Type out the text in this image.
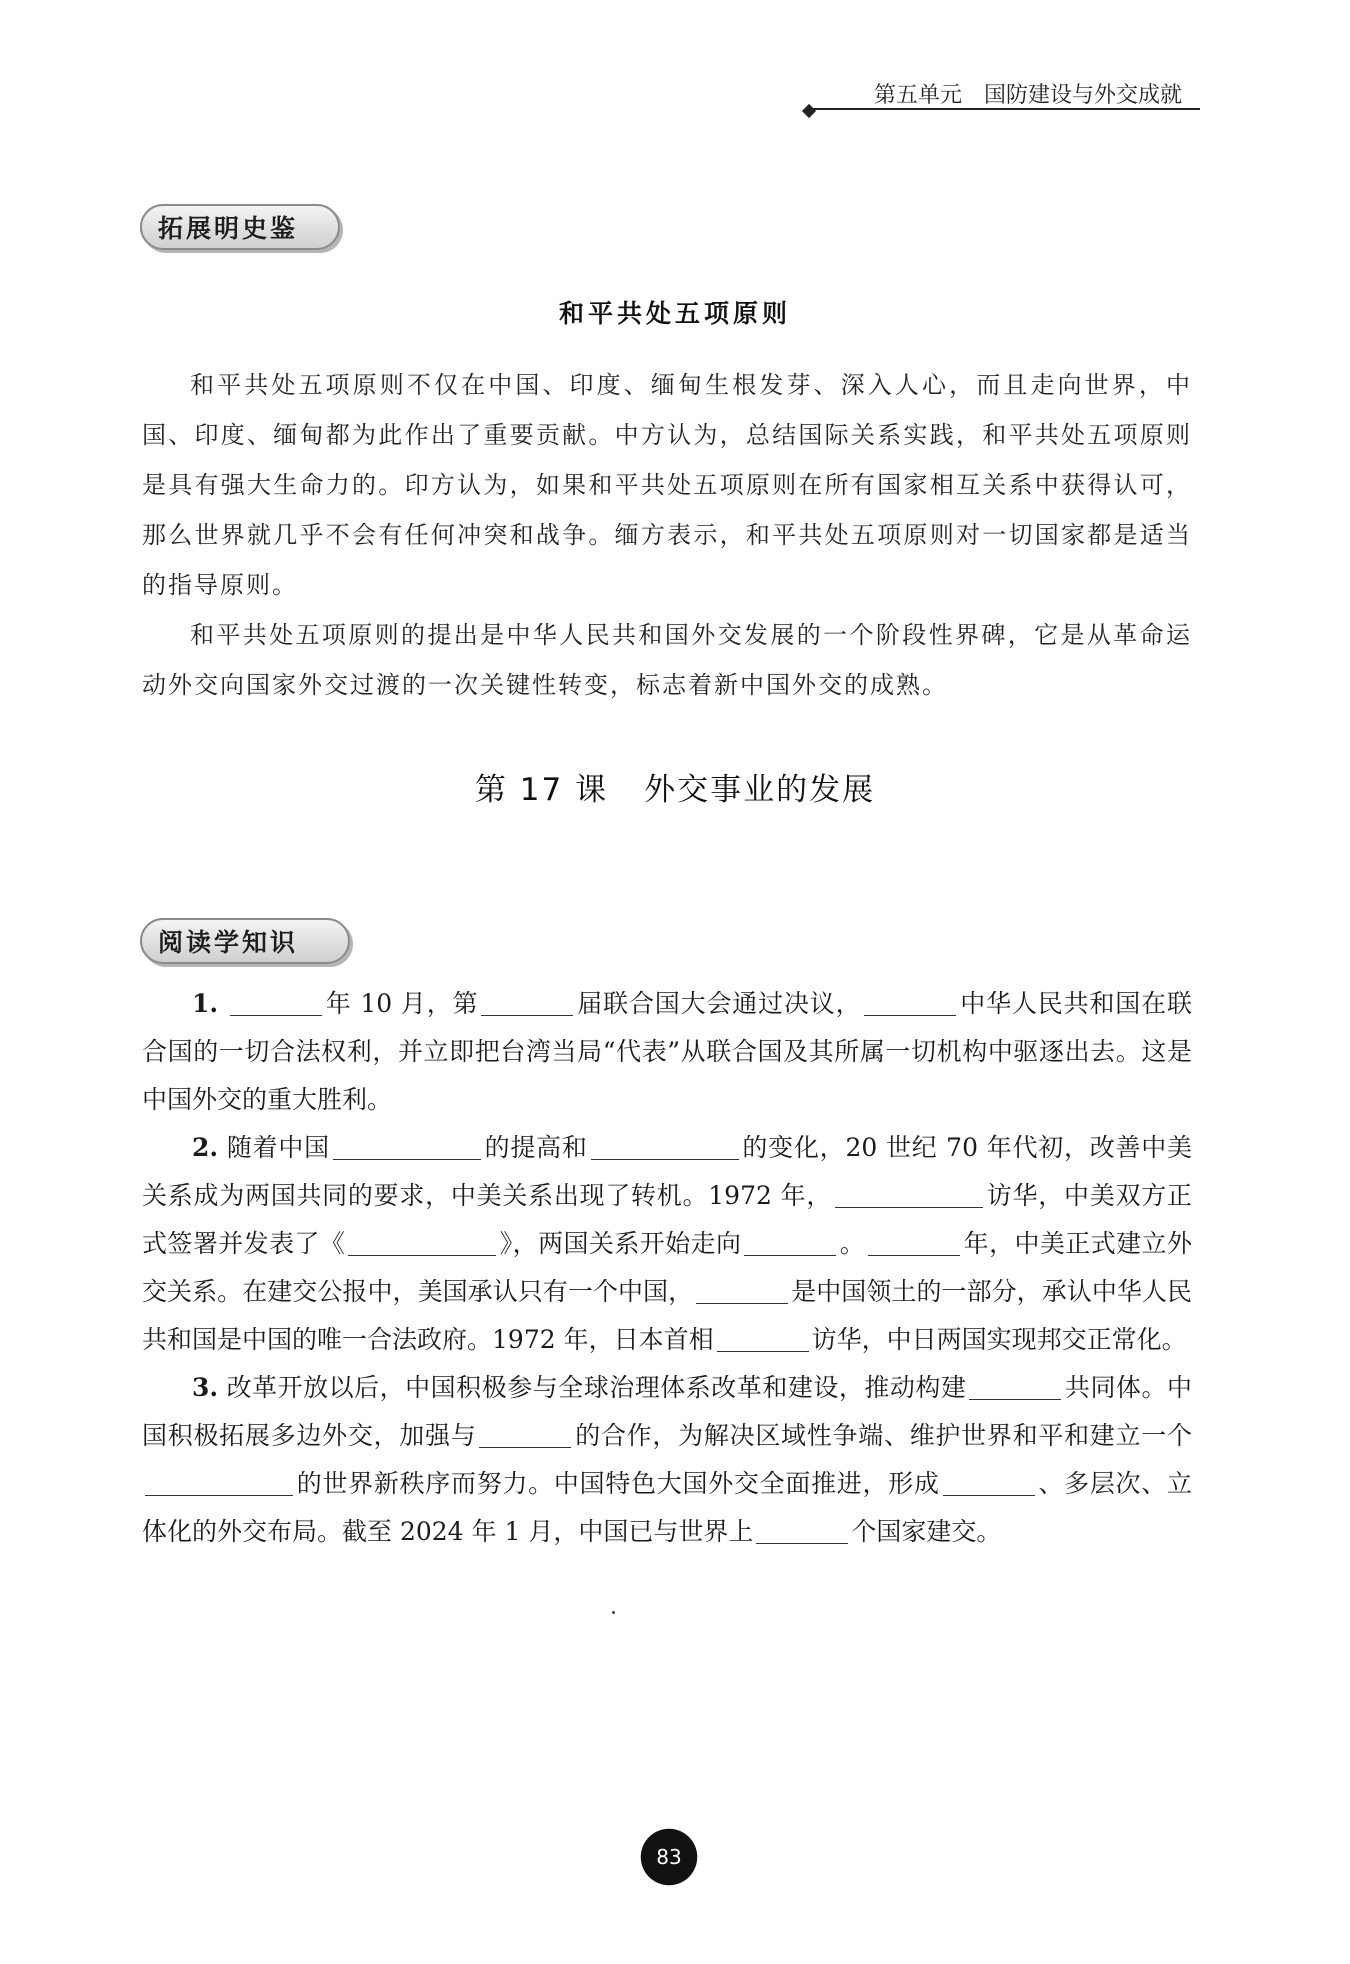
第五单元 国防建设与外交成就
拓展明史鉴
和平共处五项原则

和平共处五项原则不仅在中国、印度、缅甸生根发芽、深入人心，而且走向世界，中国、印度、缅甸都为此作出了重要贡献。中方认为，总结国际关系实践，和平共处五项原则是具有强大生命力的。印方认为，如果和平共处五项原则在所有国家相互关系中获得认可，那么世界就几乎不会有任何冲突和战争。缅方表示，和平共处五项原则对一切国家都是适当的指导原则。

和平共处五项原则的提出是中华人民共和国外交发展的一个阶段性界碑，它是从革命运动外交向国家外交过渡的一次关键性转变，标志着新中国外交的成熟。

第 17 课 外交事业的发展
阅读学知识

1.	年 10 月，第	届联合国大会通过决议，	中华人民共和国在联合国的一切合法权利，并立即把台湾当局“代表”从联合国及其所属一切机构中驱逐出去。这是中国外交的重大胜利。

2. 随着中国	的提高和	的变化，20 世纪 70 年代初，改善中美关系成为两国共同的要求，中美关系出现了转机。1972 年，	访华，中美双方正式签署并发表了《	》，两国关系开始走向	。	年，中美正式建立外交关系。在建交公报中，美国承认只有一个中国，	是中国领土的一部分，承认中华人民共和国是中国的唯一合法政府。1972 年，日本首相	访华，中日两国实现邦交正常化。

3. 改革开放以后，中国积极参与全球治理体系改革和建设，推动构建	共同体。中国积极拓展多边外交，加强与	的合作，为解决区域性争端、维护世界和平和建立一个的世界新秩序而努力。中国特色大国外交全面推进，形成	、多层次、立体化的外交布局。截至 2024 年 1 月，中国已与世界上	个国家建交。

83
